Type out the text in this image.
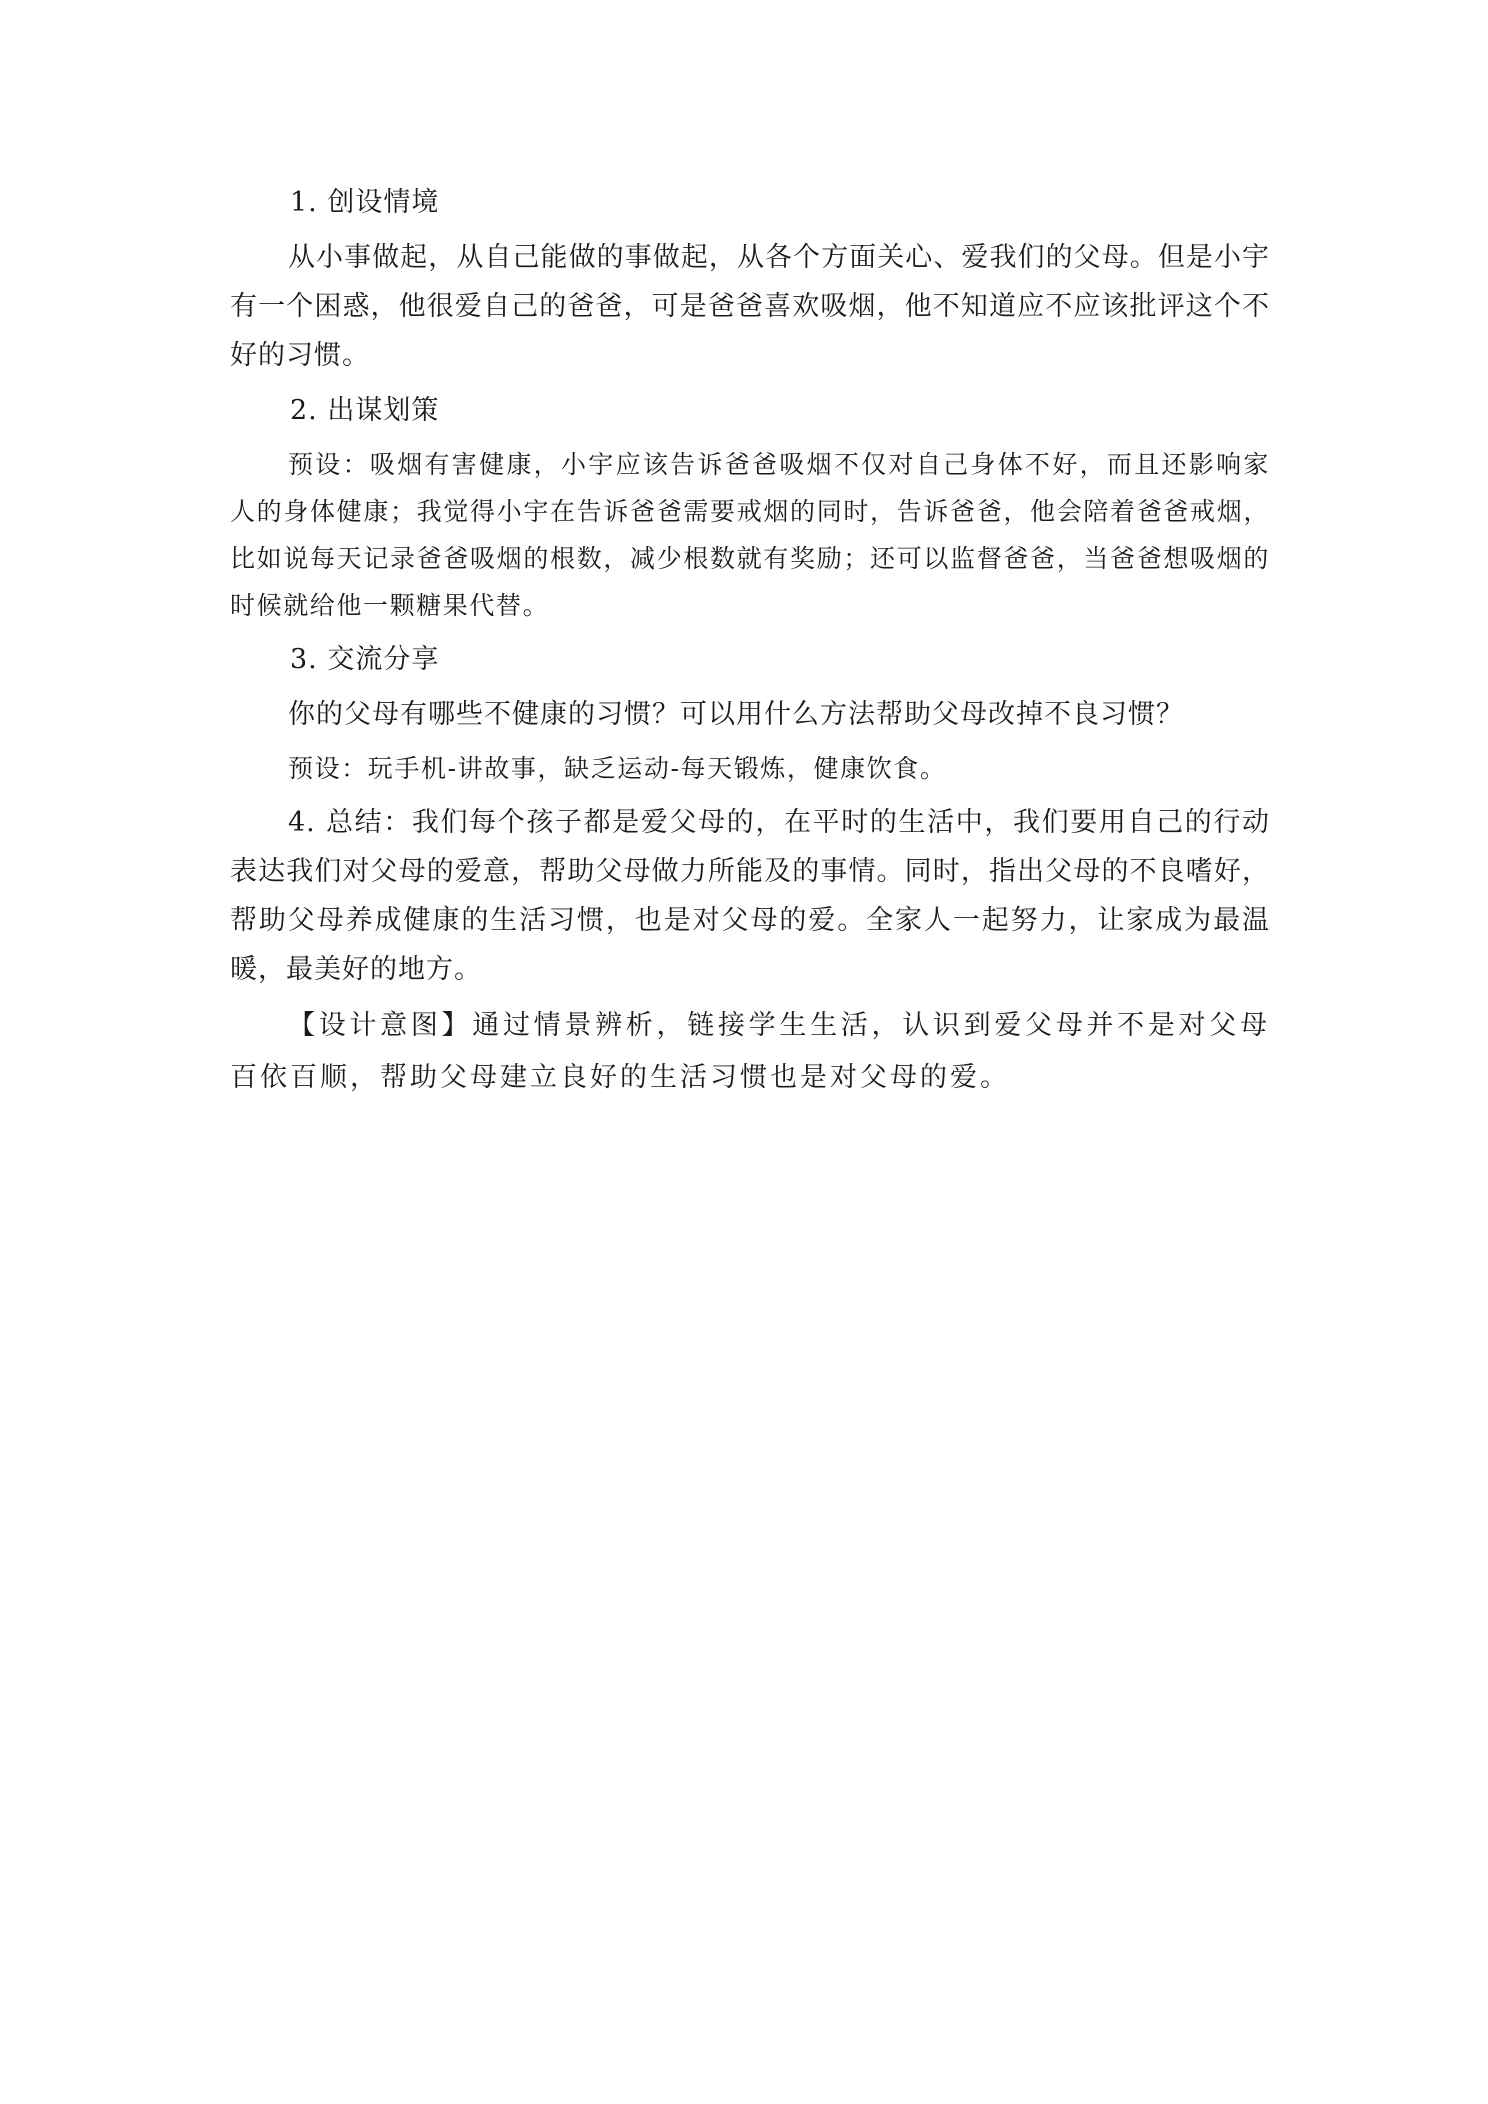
1. 创设情境

从小事做起，从自己能做的事做起，从各个方面关心、爱我们的父母。但是小宇有一个困惑，他很爱自己的爸爸，可是爸爸喜欢吸烟，他不知道应不应该批评这个不好的习惯。

2. 出谋划策

预设：吸烟有害健康，小宇应该告诉爸爸吸烟不仅对自己身体不好，而且还影响家人的身体健康；我觉得小宇在告诉爸爸需要戒烟的同时，告诉爸爸，他会陪着爸爸戒烟，比如说每天记录爸爸吸烟的根数，减少根数就有奖励；还可以监督爸爸，当爸爸想吸烟的时候就给他一颗糖果代替。

3. 交流分享

你的父母有哪些不健康的习惯？可以用什么方法帮助父母改掉不良习惯？

预设：玩手机-讲故事，缺乏运动-每天锻炼，健康饮食。

4. 总结：我们每个孩子都是爱父母的，在平时的生活中，我们要用自己的行动表达我们对父母的爱意，帮助父母做力所能及的事情。同时，指出父母的不良嗜好，帮助父母养成健康的生活习惯，也是对父母的爱。全家人一起努力，让家成为最温暖，最美好的地方。

【设计意图】通过情景辨析，链接学生生活，认识到爱父母并不是对父母百依百顺，帮助父母建立良好的生活习惯也是对父母的爱。
